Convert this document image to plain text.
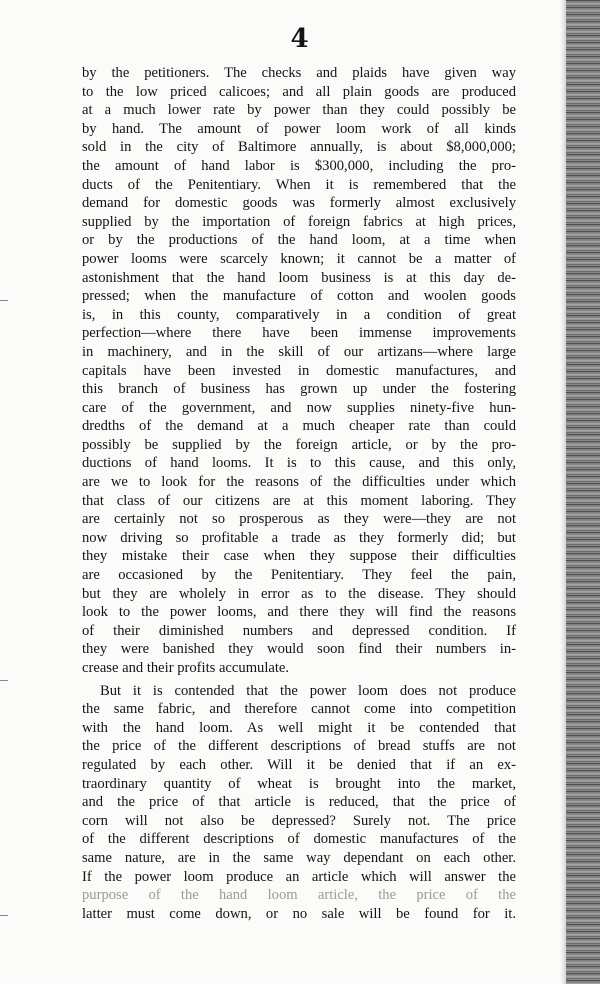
4
by the petitioners. The checks and plaids have given way
to the low priced calicoes; and all plain goods are produced
at a much lower rate by power than they could possibly be
by hand. The amount of power loom work of all kinds
sold in the city of Baltimore annually, is about $8,000,000;
the amount of hand labor is $300,000, including the pro-
ducts of the Penitentiary. When it is remembered that the
demand for domestic goods was formerly almost exclusively
supplied by the importation of foreign fabrics at high prices,
or by the productions of the hand loom, at a time when
power looms were scarcely known; it cannot be a matter of
astonishment that the hand loom business is at this day de-
pressed; when the manufacture of cotton and woolen goods
is, in this county, comparatively in a condition of great
perfection—where there have been immense improvements
in machinery, and in the skill of our artizans—where large
capitals have been invested in domestic manufactures, and
this branch of business has grown up under the fostering
care of the government, and now supplies ninety-five hun-
dredths of the demand at a much cheaper rate than could
possibly be supplied by the foreign article, or by the pro-
ductions of hand looms. It is to this cause, and this only,
are we to look for the reasons of the difficulties under which
that class of our citizens are at this moment laboring. They
are certainly not so prosperous as they were—they are not
now driving so profitable a trade as they formerly did; but
they mistake their case when they suppose their difficulties
are occasioned by the Penitentiary. They feel the pain,
but they are wholely in error as to the disease. They should
look to the power looms, and there they will find the reasons
of their diminished numbers and depressed condition. If
they were banished they would soon find their numbers in-
crease and their profits accumulate.
But it is contended that the power loom does not produce
the same fabric, and therefore cannot come into competition
with the hand loom. As well might it be contended that
the price of the different descriptions of bread stuffs are not
regulated by each other. Will it be denied that if an ex-
traordinary quantity of wheat is brought into the market,
and the price of that article is reduced, that the price of
corn will not also be depressed? Surely not. The price
of the different descriptions of domestic manufactures of the
same nature, are in the same way dependant on each other.
If the power loom produce an article which will answer the
purpose of the hand loom article, the price of the
latter must come down, or no sale will be found for it.
